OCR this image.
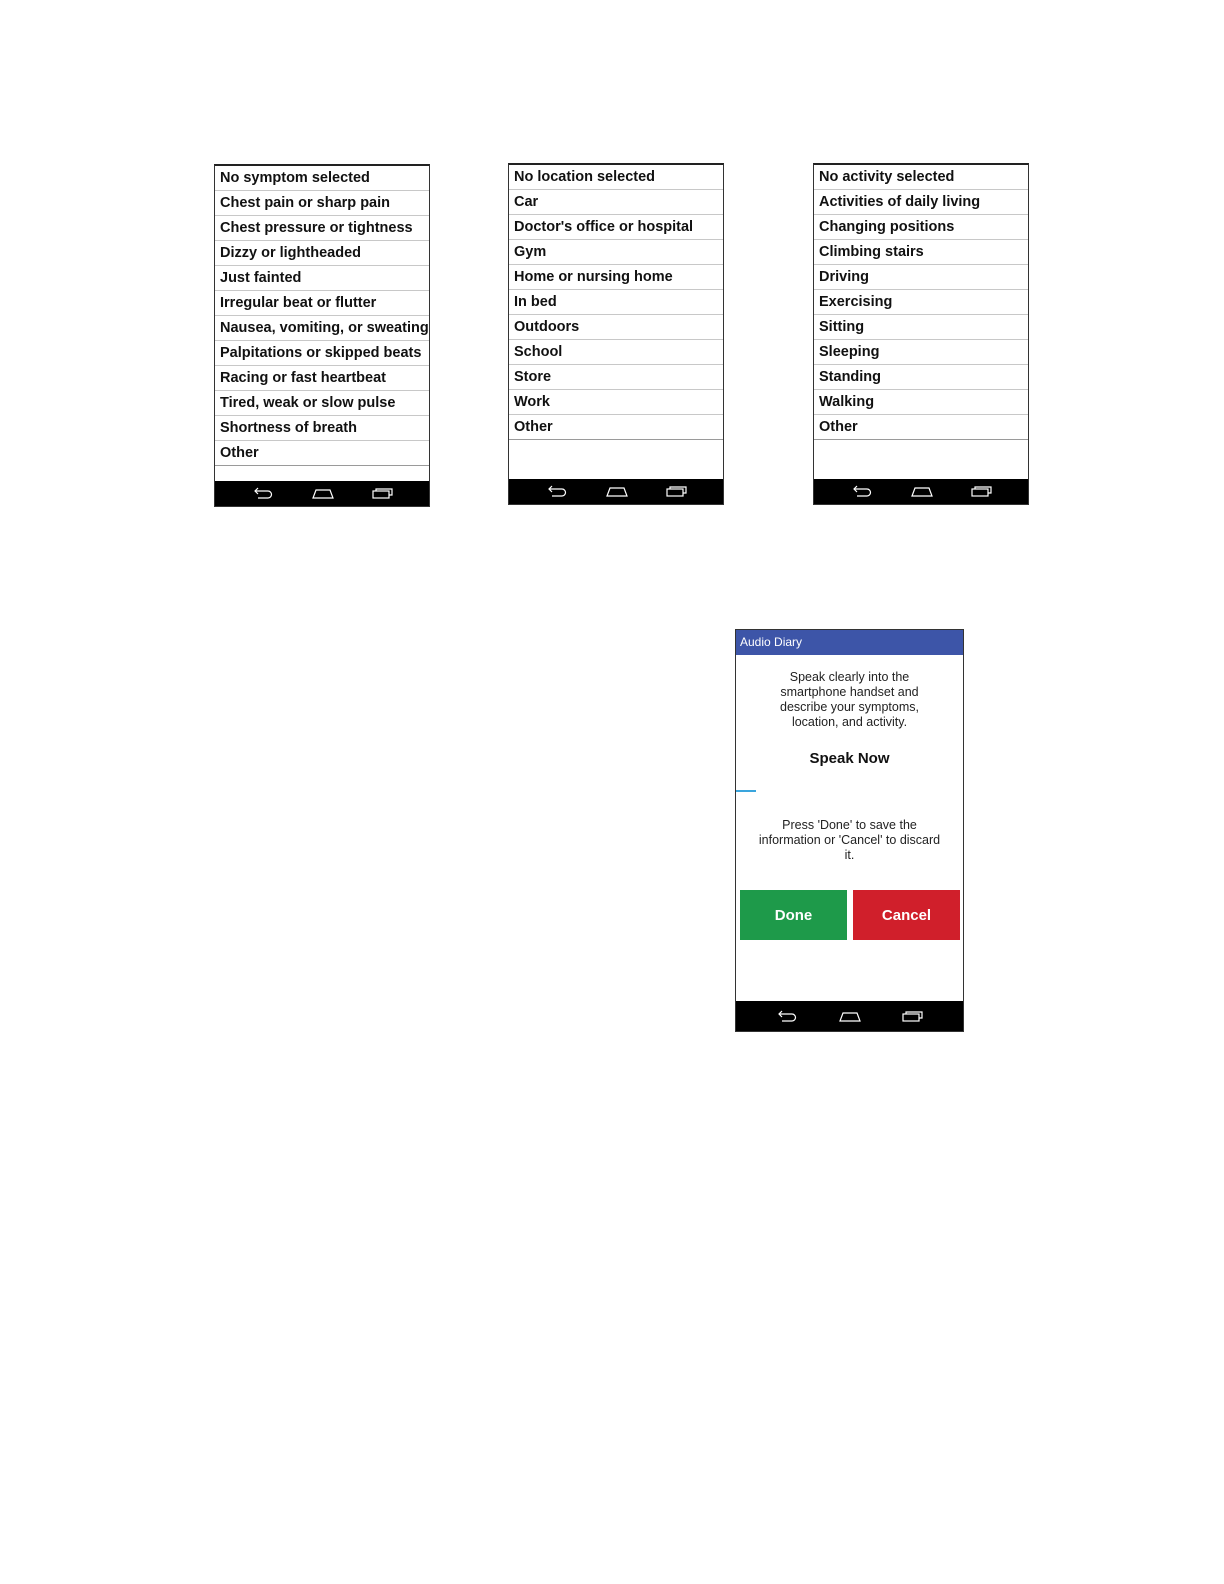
No symptom selected
Chest pain or sharp pain
Chest pressure or tightness
Dizzy or lightheaded
Just fainted
Irregular beat or flutter
Nausea, vomiting, or sweating
Palpitations or skipped beats
Racing or fast heartbeat
Tired, weak or slow pulse
Shortness of breath
Other
No location selected
Car
Doctor's office or hospital
Gym
Home or nursing home
In bed
Outdoors
School
Store
Work
Other
No activity selected
Activities of daily living
Changing positions
Climbing stairs
Driving
Exercising
Sitting
Sleeping
Standing
Walking
Other
Audio Diary
Speak clearly into the smartphone handset and describe your symptoms, location, and activity.
Speak Now
Press 'Done' to save the information or 'Cancel' to discard it.
Done	Cancel
